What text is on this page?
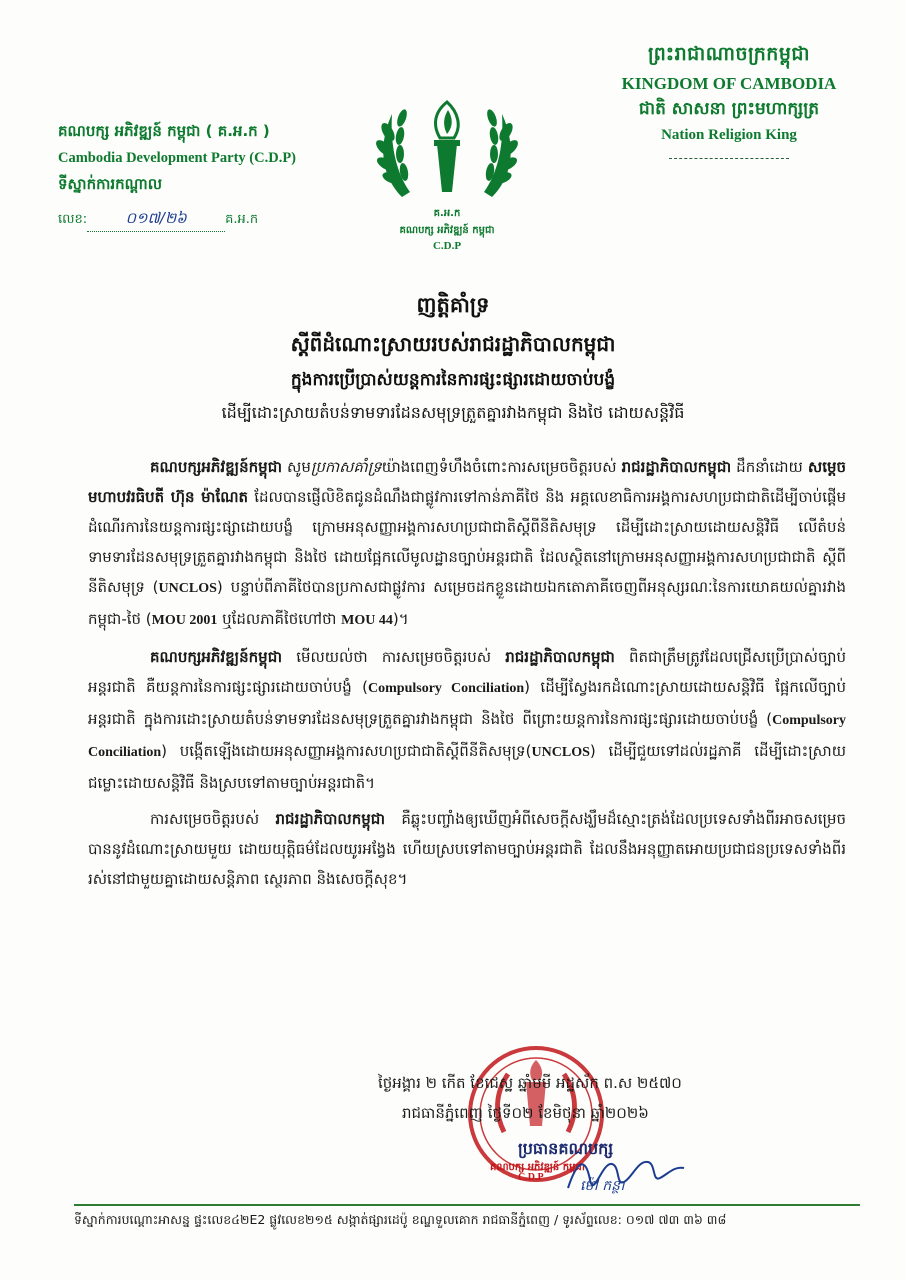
ព្រះរាជាណាចក្រកម្ពុជា
KINGDOM OF CAMBODIA
ជាតិ សាសនា ព្រះមហាក្សត្រ
Nation Religion King
គណបក្ស អភិវឌ្ឍន៍ កម្ពុជា ( គ.អ.ក )
Cambodia Development Party (C.D.P)
ទីស្នាក់ការកណ្តាល
លេខ:	០១៧/២៦	គ.អ.ក	គ.អ.ក
គណបក្ស អភិវឌ្ឍន៍ កម្ពុជា
C.D.P
ញត្តិគាំទ្រ
ស្តីពីដំណោះស្រាយរបស់រាជរដ្ឋាភិបាលកម្ពុជា
ក្នុងការប្រើប្រាស់យន្តការនៃការផ្សះផ្សារដោយចាប់បង្ខំ
ដើម្បីដោះស្រាយតំបន់ទាមទារដែនសមុទ្រត្រួតគ្នារវាងកម្ពុជា និងថៃ ដោយសន្តិវិធី

គណបក្សអភិវឌ្ឍន៍កម្ពុជា សូមប្រកាសគាំទ្រយ៉ាងពេញទំហឹងចំពោះការសម្រេចចិត្តរបស់ រាជរដ្ឋាភិបាលកម្ពុជា ដឹកនាំដោយ សម្តេចមហាបវរធិបតី ហ៊ុន ម៉ាណែត ដែលបានផ្ញើលិខិតជូនដំណឹងជាផ្លូវការទៅកាន់ភាគីថៃ និង អគ្គលេខាធិការអង្គការសហប្រជាជាតិដើម្បីចាប់ផ្តើមដំណើរការនៃយន្តការផ្សះផ្សាដោយបង្ខំ ក្រោមអនុសញ្ញាអង្គការសហប្រជាជាតិស្តីពីនីតិសមុទ្រ ដើម្បីដោះស្រាយដោយសន្តិវិធី លើតំបន់ទាមទារដែនសមុទ្រត្រួតគ្នារវាងកម្ពុជា និងថៃ ដោយផ្អែកលើមូលដ្ឋានច្បាប់អន្តរជាតិ ដែលស្ថិតនៅក្រោមអនុសញ្ញាអង្គការសហប្រជាជាតិ ស្តីពីនីតិសមុទ្រ (UNCLOS) បន្ទាប់ពីភាគីថៃបានប្រកាសជាផ្លូវការ សម្រេចដកខ្លួនដោយឯកតោភាគីចេញពីអនុស្សរណៈនៃការយោគយល់គ្នារវាងកម្ពុជា-ថៃ (MOU 2001 ឬដែលភាគីថៃហៅថា MOU 44)។

គណបក្សអភិវឌ្ឍន៍កម្ពុជា មើលយល់ថា ការសម្រេចចិត្តរបស់ រាជរដ្ឋាភិបាលកម្ពុជា ពិតជាត្រឹមត្រូវដែលជ្រើសប្រើប្រាស់ច្បាប់អន្តរជាតិ គឺយន្តការនៃការផ្សះផ្សារដោយចាប់បង្ខំ (Compulsory Conciliation) ដើម្បីស្វែងរកដំណោះស្រាយដោយសន្តិវិធី ផ្អែកលើច្បាប់អន្តរជាតិ ក្នុងការដោះស្រាយតំបន់ទាមទារដែនសមុទ្រត្រួតគ្នារវាងកម្ពុជា និងថៃ ពីព្រោះយន្តការនៃការផ្សះផ្សារដោយចាប់បង្ខំ (Compulsory Conciliation) បង្កើតឡើងដោយអនុសញ្ញាអង្គការសហប្រជាជាតិស្តីពីនីតិសមុទ្រ(UNCLOS) ដើម្បីជួយទៅដល់រដ្ឋភាគី ដើម្បីដោះស្រាយជម្លោះដោយសន្តិវិធី និងស្របទៅតាមច្បាប់អន្តរជាតិ។

ការសម្រេចចិត្តរបស់ រាជរដ្ឋាភិបាលកម្ពុជា គឺឆ្លុះបញ្ចាំងឲ្យឃើញអំពីសេចក្តីសង្ឃឹមដ៏ស្មោះត្រង់ដែលប្រទេសទាំងពីរអាចសម្រេចបាននូវដំណោះស្រាយមួយ ដោយយុត្តិធម៌ដែលយូរអង្វែង ហើយស្របទៅតាមច្បាប់អន្តរជាតិ ដែលនឹងអនុញ្ញាតអោយប្រជាជនប្រទេសទាំងពីររស់នៅជាមួយគ្នាដោយសន្តិភាព ស្ថេរភាព និងសេចក្តីសុខ។

គណបក្ស អភិវឌ្ឍន៍ កម្ពុជា
C.D.P
ថ្ងៃអង្គារ ២ កើត ខែជេស្ឋ ឆ្នាំមមី អដ្ឋស័ក ព.ស ២៥៧០
រាជធានីភ្នំពេញ ថ្ងៃទី០២ ខែមិថុនា ឆ្នាំ២០២៦
ប្រធានគណបក្ស
ម៉ៅ កន្ថា
ទីស្នាក់ការបណ្តោះអាសន្ន ផ្ទះលេខ៤២E2 ផ្លូវលេខ២១៥ សង្កាត់ផ្សារដេប៉ូ ខណ្ឌទួលគោក រាជធានីភ្នំពេញ / ទូរស័ព្ទលេខ: ០១៧ ៧៣ ៣៦ ៣៨
